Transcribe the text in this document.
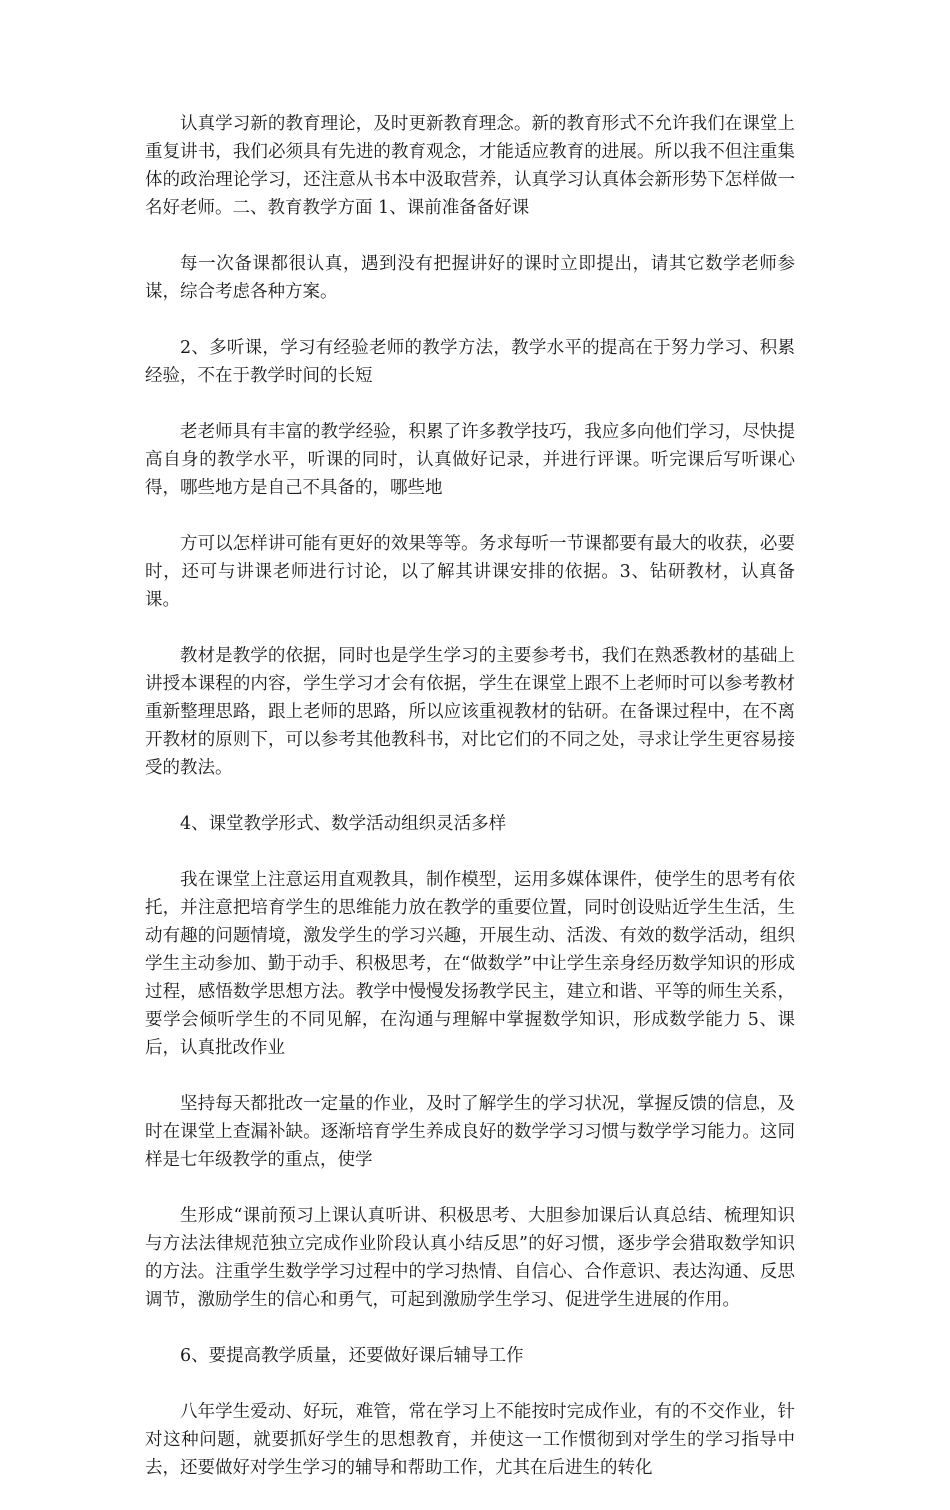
认真学习新的教育理论，及时更新教育理念。新的教育形式不允许我们在课堂上重复讲书，我们必须具有先进的教育观念，才能适应教育的进展。所以我不但注重集体的政治理论学习，还注意从书本中汲取营养，认真学习认真体会新形势下怎样做一名好老师。二、教育教学方面 1、课前准备备好课

每一次备课都很认真，遇到没有把握讲好的课时立即提出，请其它数学老师参谋，综合考虑各种方案。

2、多听课，学习有经验老师的教学方法，教学水平的提高在于努力学习、积累经验，不在于教学时间的长短

老老师具有丰富的教学经验，积累了许多教学技巧，我应多向他们学习，尽快提高自身的教学水平，听课的同时，认真做好记录，并进行评课。听完课后写听课心得，哪些地方是自己不具备的，哪些地

方可以怎样讲可能有更好的效果等等。务求每听一节课都要有最大的收获，必要时，还可与讲课老师进行讨论，以了解其讲课安排的依据。3、钻研教材，认真备课。

教材是教学的依据，同时也是学生学习的主要参考书，我们在熟悉教材的基础上讲授本课程的内容，学生学习才会有依据，学生在课堂上跟不上老师时可以参考教材重新整理思路，跟上老师的思路，所以应该重视教材的钻研。在备课过程中，在不离开教材的原则下，可以参考其他教科书，对比它们的不同之处，寻求让学生更容易接受的教法。

4、课堂教学形式、数学活动组织灵活多样

我在课堂上注意运用直观教具，制作模型，运用多媒体课件，使学生的思考有依托，并注意把培育学生的思维能力放在教学的重要位置，同时创设贴近学生生活，生动有趣的问题情境，激发学生的学习兴趣，开展生动、活泼、有效的数学活动，组织学生主动参加、勤于动手、积极思考，在“做数学”中让学生亲身经历数学知识的形成过程，感悟数学思想方法。教学中慢慢发扬教学民主，建立和谐、平等的师生关系，要学会倾听学生的不同见解，在沟通与理解中掌握数学知识，形成数学能力 5、课后，认真批改作业

坚持每天都批改一定量的作业，及时了解学生的学习状况，掌握反馈的信息，及时在课堂上查漏补缺。逐渐培育学生养成良好的数学学习习惯与数学学习能力。这同样是七年级教学的重点，使学

生形成“课前预习上课认真听讲、积极思考、大胆参加课后认真总结、梳理知识与方法法律规范独立完成作业阶段认真小结反思”的好习惯，逐步学会猎取数学知识的方法。注重学生数学学习过程中的学习热情、自信心、合作意识、表达沟通、反思调节，激励学生的信心和勇气，可起到激励学生学习、促进学生进展的作用。

6、要提高教学质量，还要做好课后辅导工作

八年学生爱动、好玩，难管，常在学习上不能按时完成作业，有的不交作业，针对这种问题，就要抓好学生的思想教育，并使这一工作惯彻到对学生的学习指导中去，还要做好对学生学习的辅导和帮助工作，尤其在后进生的转化
